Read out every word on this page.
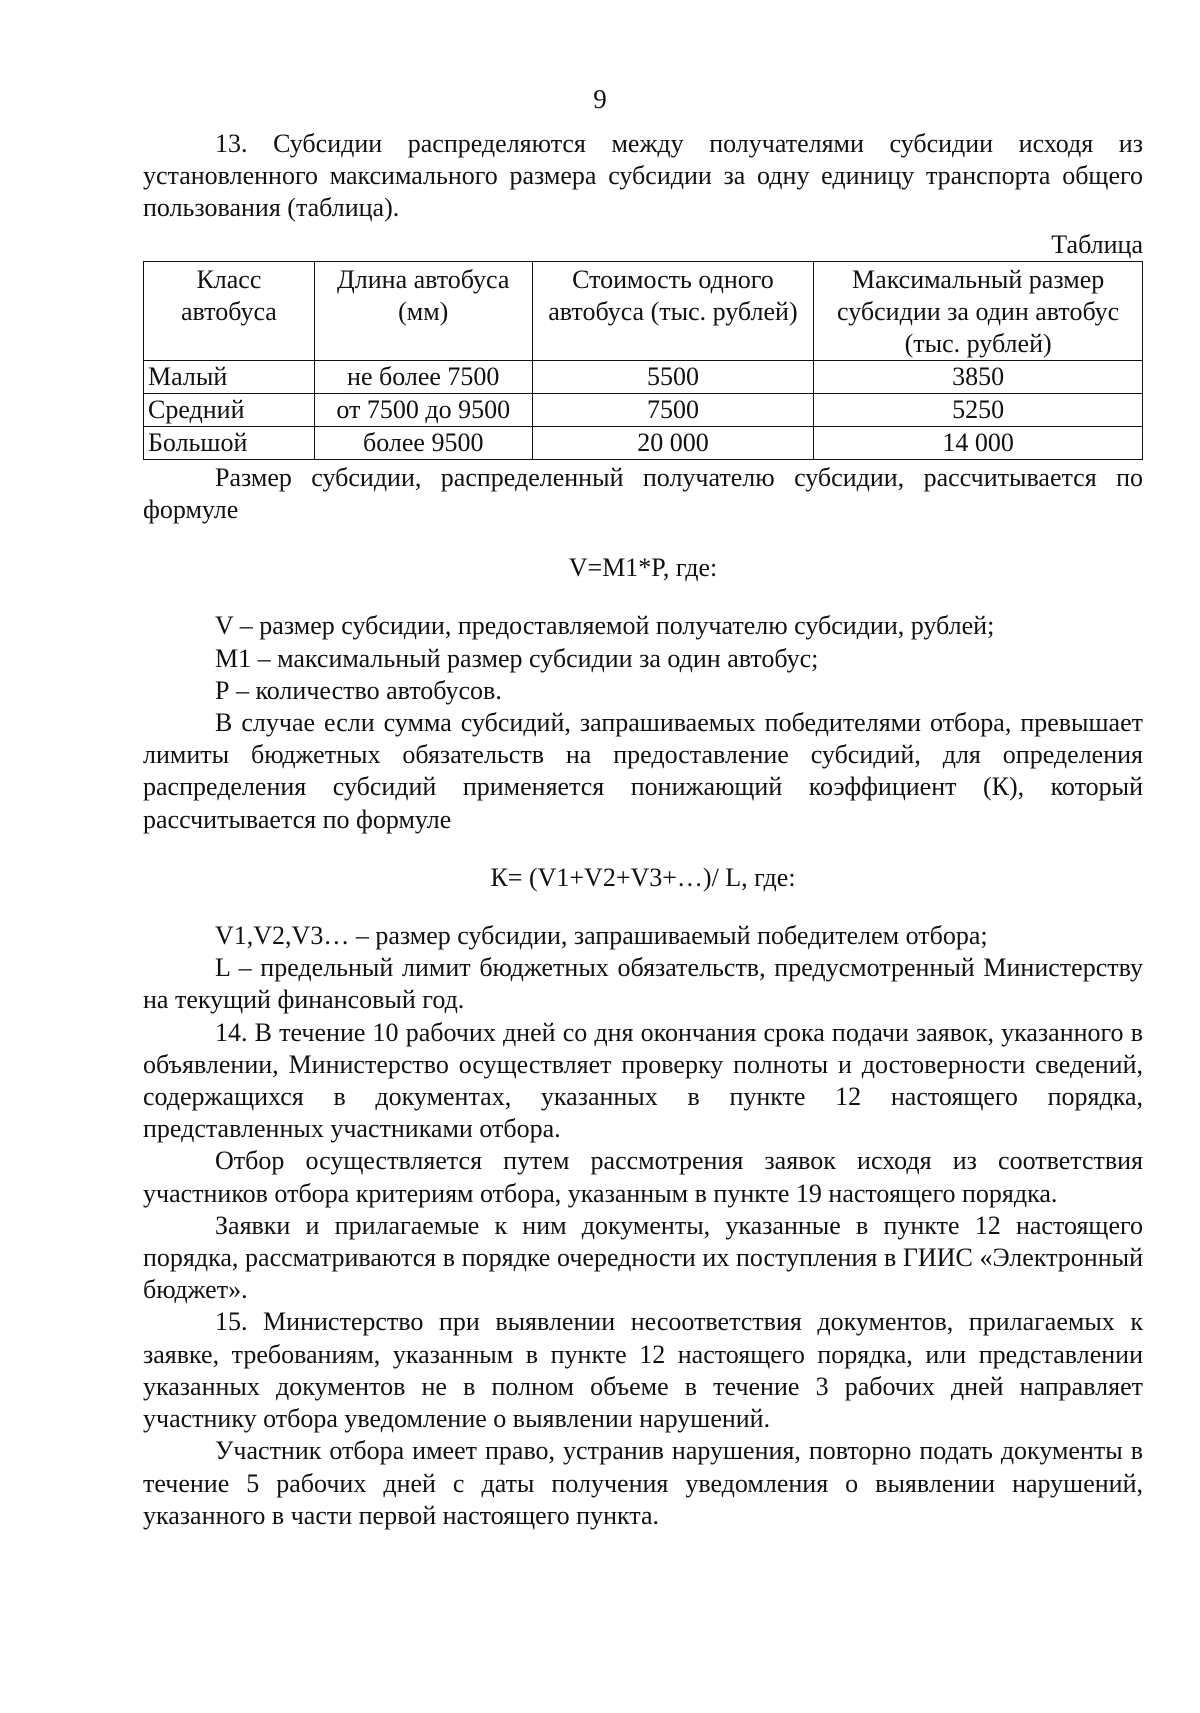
9

13. Субсидии распределяются между получателями субсидии исходя из установленного максимального размера субсидии за одну единицу транспорта общего пользования (таблица).

Таблица

Класс автобуса	Длина автобуса (мм)	Стоимость одного автобуса (тыс. рублей)	Максимальный размер субсидии за один автобус (тыс. рублей)
Малый	не более 7500	5500	3850
Средний	от 7500 до 9500	7500	5250
Большой	более 9500	20 000	14 000

Размер субсидии, распределенный получателю субсидии, рассчитывается по формуле

V=M1*P, где:

V – размер субсидии, предоставляемой получателю субсидии, рублей;

М1 – максимальный размер субсидии за один автобус;

Р – количество автобусов.

В случае если сумма субсидий, запрашиваемых победителями отбора, превышает лимиты бюджетных обязательств на предоставление субсидий, для определения распределения субсидий применяется понижающий коэффициент (К), который рассчитывается по формуле

К= (V1+V2+V3+…)/ L, где:

V1,V2,V3… – размер субсидии, запрашиваемый победителем отбора;

L – предельный лимит бюджетных обязательств, предусмотренный Министерству на текущий финансовый год.

14. В течение 10 рабочих дней со дня окончания срока подачи заявок, указанного в объявлении, Министерство осуществляет проверку полноты и достоверности сведений, содержащихся в документах, указанных в пункте 12 настоящего порядка, представленных участниками отбора.

Отбор осуществляется путем рассмотрения заявок исходя из соответствия участников отбора критериям отбора, указанным в пункте 19 настоящего порядка.

Заявки и прилагаемые к ним документы, указанные в пункте 12 настоящего порядка, рассматриваются в порядке очередности их поступления в ГИИС «Электронный бюджет».

15. Министерство при выявлении несоответствия документов, прилагаемых к заявке, требованиям, указанным в пункте 12 настоящего порядка, или представлении указанных документов не в полном объеме в течение 3 рабочих дней направляет участнику отбора уведомление о выявлении нарушений.

Участник отбора имеет право, устранив нарушения, повторно подать документы в течение 5 рабочих дней с даты получения уведомления о выявлении нарушений, указанного в части первой настоящего пункта.
